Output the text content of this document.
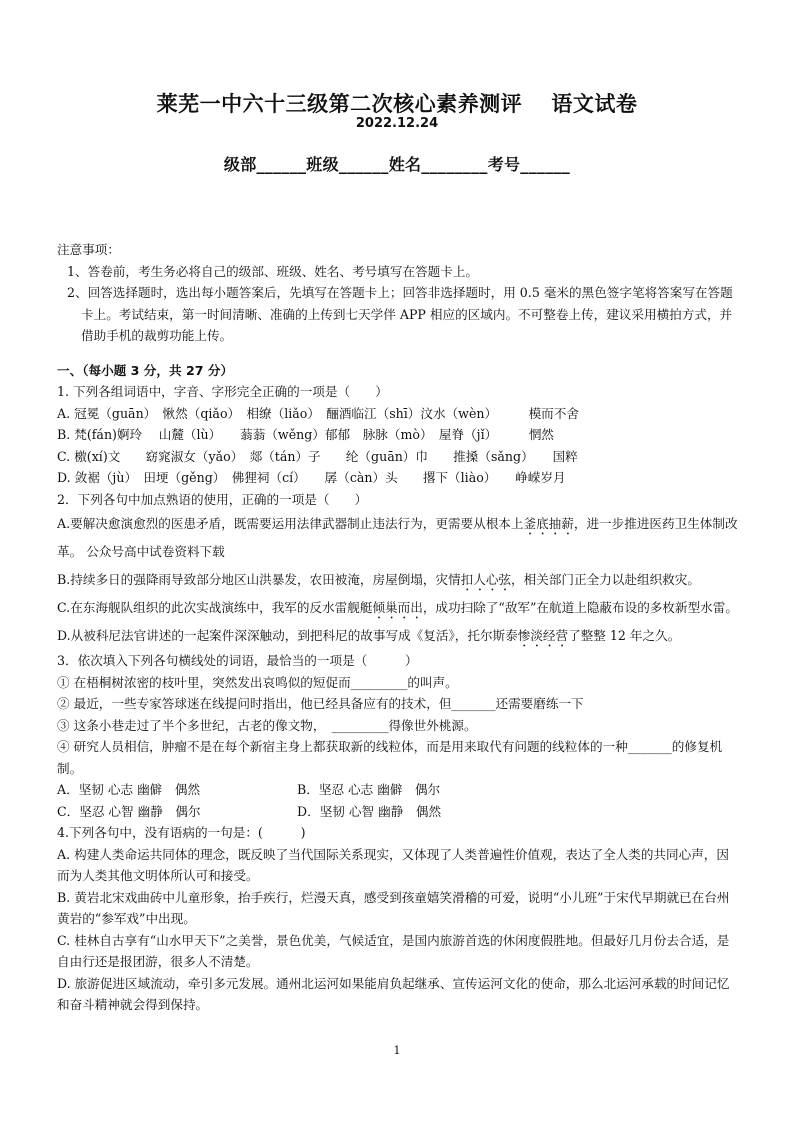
莱芜一中六十三级第二次核心素养测评　 语文试卷
2022.12.24
级部______班级______姓名________考号______

注意事项：

1、答卷前，考生务必将自己的级部、班级、姓名、考号填写在答题卡上。

2、回答选择题时，选出每小题答案后，先填写在答题卡上；回答非选择题时，用 0.5 毫米的黑色签字笔将答案写在答题卡上。考试结束，第一时间清晰、准确的上传到七天学伴 APP 相应的区域内。不可整卷上传，建议采用横拍方式，并借助手机的裁剪功能上传。

一、（每小题 3 分，共 27 分）

1. 下列各组词语中，字音、字形完全正确的一项是（　　）

A. 冠冕（guān）　愀然（qiǎo）　相缭（liǎo）　酾酒临江（shī）汶水（wèn）　　　模而不舍

B. 梵(fán)婀玲　 山麓（lù）　　蓊蓊（wěng）郁郁　脉脉（mò）　屋脊（jǐ）　　　惘然

C. 檄(xí)文　　窈窕淑女（yǎo）　郯（tán）子　　纶（guān）巾　　推搡（sǎng）　　国粹

D. 敛裾（jù）　田埂（gěng）　佛狸祠（cí）　　孱（càn）头　　撂下（liào）　　峥嵘岁月

2．下列各句中加点熟语的使用，正确的一项是（　　）

A.要解决愈演愈烈的医患矛盾，既需要运用法律武器制止违法行为，更需要从根本上釜底抽薪，进一步推进医药卫生体制改革。 公众号高中试卷资料下载

B.持续多日的强降雨导致部分地区山洪暴发，农田被淹，房屋倒塌，灾情扣人心弦，相关部门正全力以赴组织救灾。

C.在东海舰队组织的此次实战演练中，我军的反水雷舰艇倾巢而出，成功扫除了“敌军”在航道上隐蔽布设的多枚新型水雷。

D.从被科尼法官讲述的一起案件深深触动，到把科尼的故事写成《复活》，托尔斯泰惨淡经营了整整 12 年之久。

3．依次填入下列各句横线处的词语，最恰当的一项是（　　　）

① 在梧桐树浓密的枝叶里，突然发出哀鸣似的短促而_________的叫声。

② 最近，一些专家答球迷在线提问时指出，他已经具备应有的技术，但_______还需要磨练一下

③ 这条小巷走过了半个多世纪，古老的像文物，　_________得像世外桃源。

④ 研究人员相信，肿瘤不是在每个新宿主身上都获取新的线粒体，而是用来取代有问题的线粒体的一种_______的修复机制。

A．坚韧 心志 幽僻　偶然	B．坚忍 心志 幽僻　偶尔

C．坚忍 心智 幽静　偶尔	D．坚韧 心智 幽静　偶然

4.下列各句中，没有语病的一句是：(　　　)

A. 构建人类命运共同体的理念，既反映了当代国际关系现实，又体现了人类普遍性价值观，表达了全人类的共同心声，因而为人类其他文明体所认可和接受。

B. 黄岩北宋戏曲砖中儿童形象，抬手疾行，烂漫天真，感受到孩童嬉笑滑稽的可爱，说明“小儿班”于宋代早期就已在台州黄岩的“参军戏”中出现。

C. 桂林自古享有“山水甲天下”之美誉，景色优美，气候适宜，是国内旅游首选的休闲度假胜地。但最好几月份去合适，是自由行还是报团游，很多人不清楚。

D. 旅游促进区域流动，牵引多元发展。通州北运河如果能肩负起继承、宣传运河文化的使命，那么北运河承载的时间记忆和奋斗精神就会得到保持。

1
